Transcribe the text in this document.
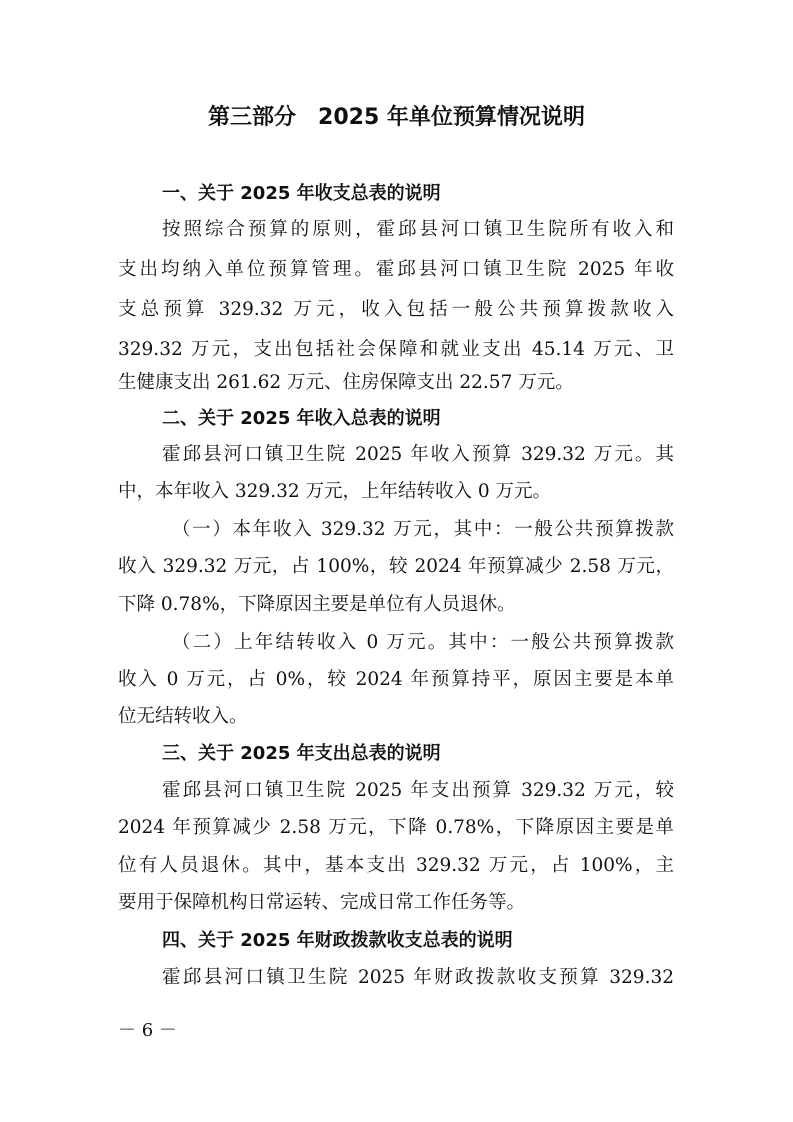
第三部分　2025 年单位预算情况说明
一、关于 2025 年收支总表的说明
按照综合预算的原则，霍邱县河口镇卫生院所有收入和
支出均纳入单位预算管理。霍邱县河口镇卫生院 2025 年收
支总预算 329.32 万元，收入包括一般公共预算拨款收入
329.32 万元，支出包括社会保障和就业支出 45.14 万元、卫
生健康支出 261.62 万元、住房保障支出 22.57 万元。
二、关于 2025 年收入总表的说明
霍邱县河口镇卫生院 2025 年收入预算 329.32 万元。其
中，本年收入 329.32 万元，上年结转收入 0 万元。
（一）本年收入 329.32 万元，其中：一般公共预算拨款
收入 329.32 万元，占 100%，较 2024 年预算减少 2.58 万元，
下降 0.78%，下降原因主要是单位有人员退休。
（二）上年结转收入 0 万元。其中：一般公共预算拨款
收入 0 万元，占 0%，较 2024 年预算持平，原因主要是本单
位无结转收入。
三、关于 2025 年支出总表的说明
霍邱县河口镇卫生院 2025 年支出预算 329.32 万元，较
2024 年预算减少 2.58 万元，下降 0.78%，下降原因主要是单
位有人员退休。其中，基本支出 329.32 万元，占 100%，主
要用于保障机构日常运转、完成日常工作任务等。
四、关于 2025 年财政拨款收支总表的说明
霍邱县河口镇卫生院 2025 年财政拨款收支预算 329.32
－ 6 －
